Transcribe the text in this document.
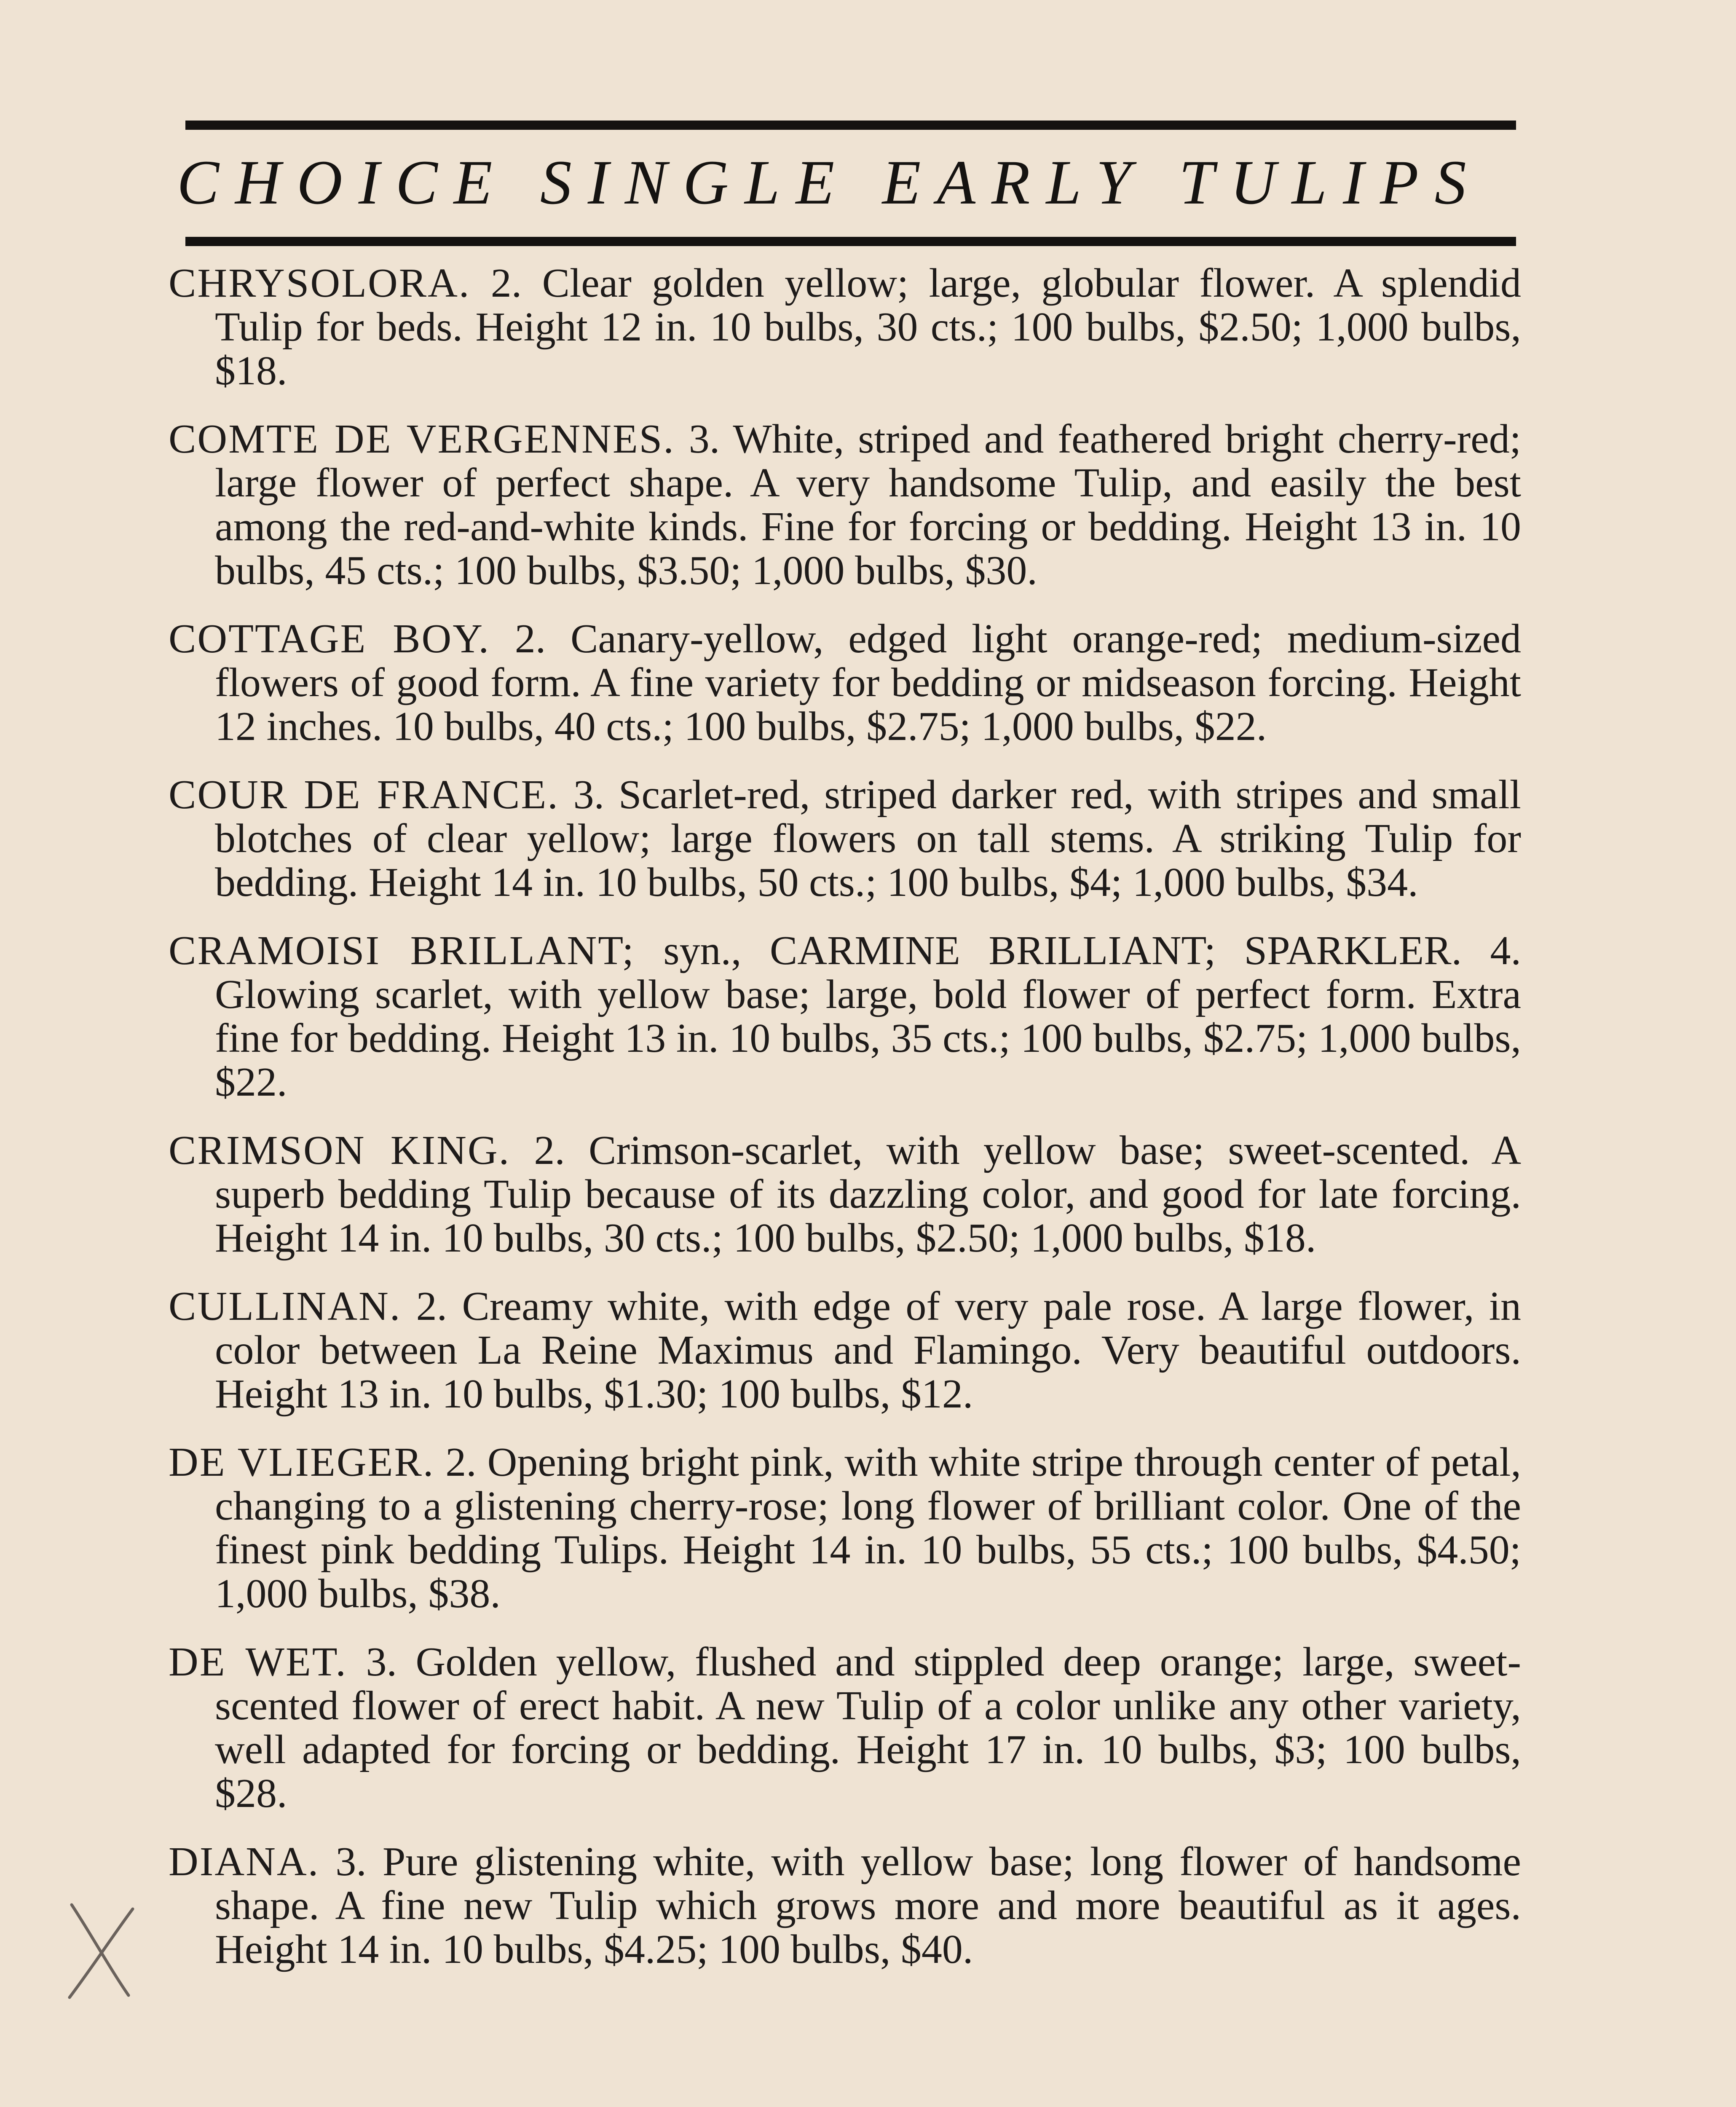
CHOICE SINGLE EARLY TULIPS

CHRYSOLORA. 2. Clear golden yellow; large, globular flower. A splendid Tulip for beds. Height 12 in. 10 bulbs, 30 cts.; 100 bulbs, $2.50; 1,000 bulbs, $18.

COMTE DE VERGENNES. 3. White, striped and feathered bright cherry-red; large flower of perfect shape. A very handsome Tulip, and easily the best among the red-and-white kinds. Fine for forcing or bedding. Height 13 in. 10 bulbs, 45 cts.; 100 bulbs, $3.50; 1,000 bulbs, $30.

COTTAGE BOY. 2. Canary-yellow, edged light orange-red; medium-sized flowers of good form. A fine variety for bedding or midseason forcing. Height 12 inches. 10 bulbs, 40 cts.; 100 bulbs, $2.75; 1,000 bulbs, $22.

COUR DE FRANCE. 3. Scarlet-red, striped darker red, with stripes and small blotches of clear yellow; large flowers on tall stems. A striking Tulip for bedding. Height 14 in. 10 bulbs, 50 cts.; 100 bulbs, $4; 1,000 bulbs, $34.

CRAMOISI BRILLANT; syn., CARMINE BRILLIANT; SPARKLER. 4. Glowing scarlet, with yellow base; large, bold flower of perfect form. Extra fine for bedding. Height 13 in. 10 bulbs, 35 cts.; 100 bulbs, $2.75; 1,000 bulbs, $22.

CRIMSON KING. 2. Crimson-scarlet, with yellow base; sweet-scented. A superb bedding Tulip because of its dazzling color, and good for late forcing. Height 14 in. 10 bulbs, 30 cts.; 100 bulbs, $2.50; 1,000 bulbs, $18.

CULLINAN. 2. Creamy white, with edge of very pale rose. A large flower, in color between La Reine Maximus and Flamingo. Very beautiful outdoors. Height 13 in. 10 bulbs, $1.30; 100 bulbs, $12.

DE VLIEGER. 2. Opening bright pink, with white stripe through center of petal, changing to a glistening cherry-rose; long flower of brilliant color. One of the finest pink bedding Tulips. Height 14 in. 10 bulbs, 55 cts.; 100 bulbs, $4.50; 1,000 bulbs, $38.

DE WET. 3. Golden yellow, flushed and stippled deep orange; large, sweet-scented flower of erect habit. A new Tulip of a color unlike any other variety, well adapted for forcing or bedding. Height 17 in. 10 bulbs, $3; 100 bulbs, $28.

DIANA. 3. Pure glistening white, with yellow base; long flower of handsome shape. A fine new Tulip which grows more and more beautiful as it ages. Height 14 in. 10 bulbs, $4.25; 100 bulbs, $40.
